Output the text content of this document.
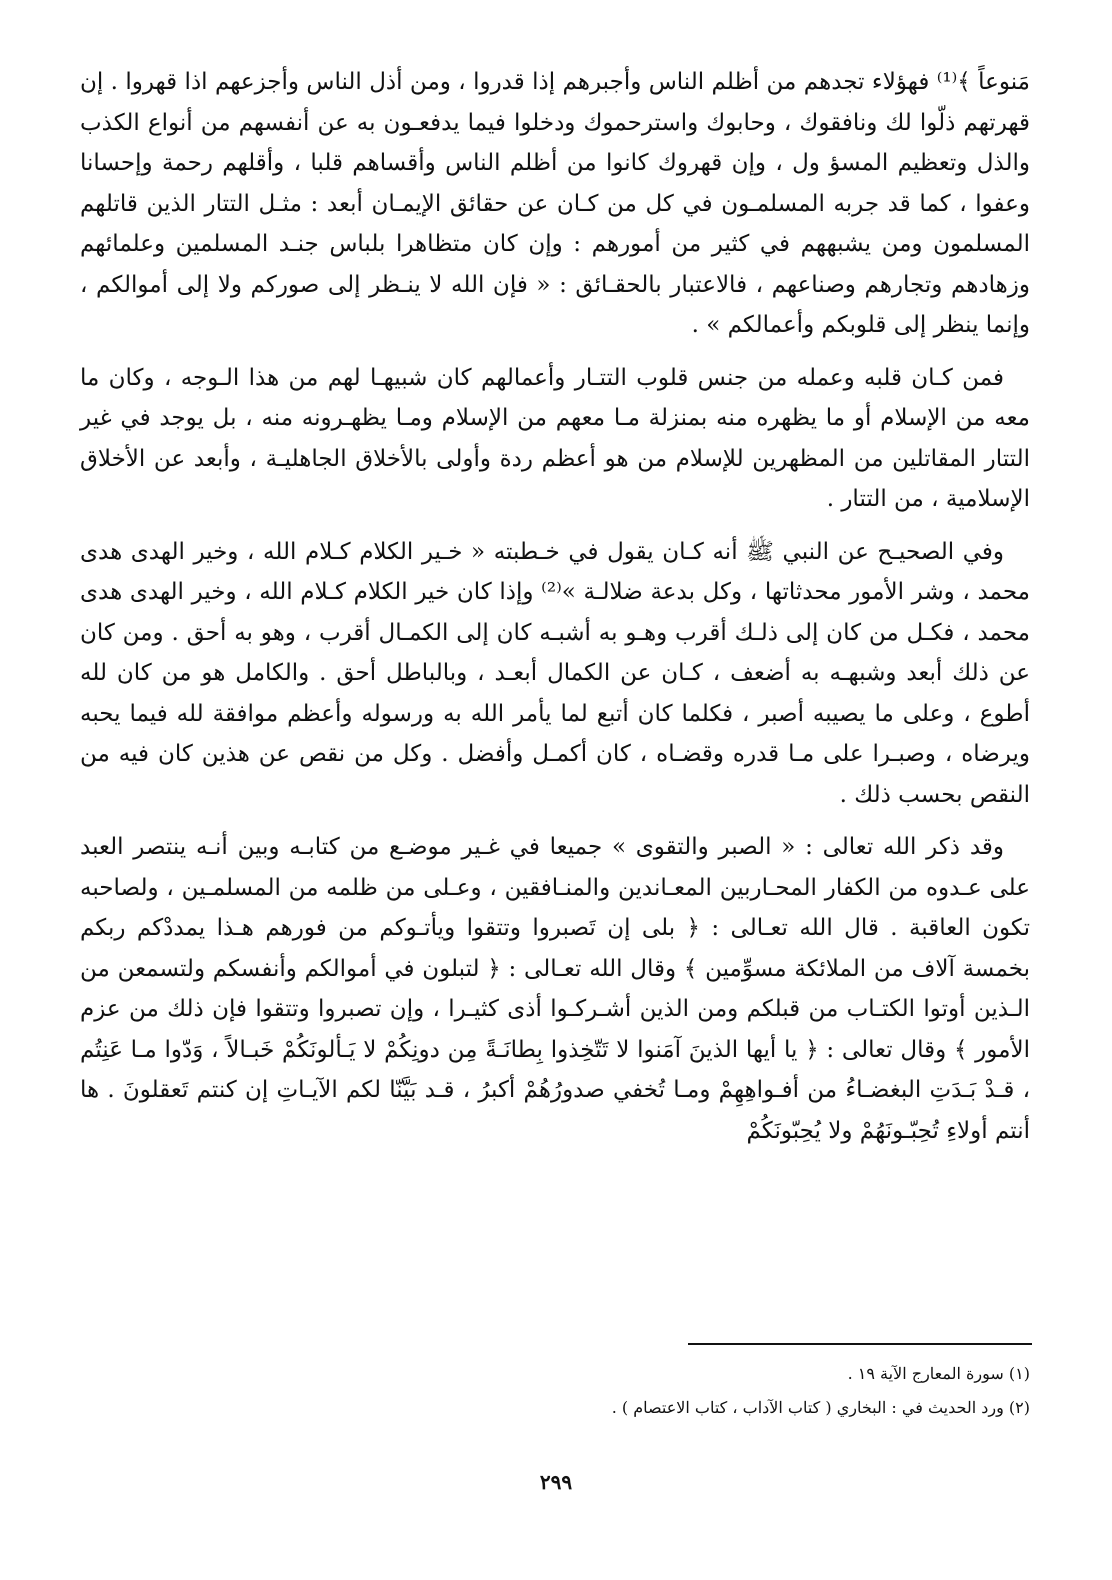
مَنوعاً ﴾⁽¹⁾ فهؤلاء تجدهم من أظلم الناس وأجبرهم إذا قدروا ، ومن أذل الناس وأجزعهم اذا قهروا . إن قهرتهم ذلّوا لك ونافقوك ، وحابوك واسترحموك ودخلوا فيما يدفعـون به عن أنفسهم من أنواع الكذب والذل وتعظيم المسؤ ول ، وإن قهروك كانوا من أظلم الناس وأقساهم قلبا ، وأقلهم رحمة وإحسانا وعفوا ، كما قد جربه المسلمـون في كل من كـان عن حقائق الإيمـان أبعد : مثـل التتار الذين قاتلهم المسلمون ومن يشبههم في كثير من أمورهم : وإن كان متظاهرا بلباس جنـد المسلمين وعلمائهم وزهادهم وتجارهم وصناعهم ، فالاعتبار بالحقـائق : « فإن الله لا ينـظر إلى صوركم ولا إلى أموالكم ، وإنما ينظر إلى قلوبكم وأعمالكم » .

فمن كـان قلبه وعمله من جنس قلوب التتـار وأعمالهم كان شبيهـا لهم من هذا الـوجه ، وكان ما معه من الإسلام أو ما يظهره منه بمنزلة مـا معهم من الإسلام ومـا يظهـرونه منه ، بل يوجد في غير التتار المقاتلين من المظهرين للإسلام من هو أعظم ردة وأولى بالأخلاق الجاهليـة ، وأبعد عن الأخلاق الإسلامية ، من التتار .

وفي الصحيـح عن النبي ﷺ أنه كـان يقول في خـطبته « خـير الكلام كـلام الله ، وخير الهدى هدى محمد ، وشر الأمور محدثاتها ، وكل بدعة ضلالـة »⁽²⁾ وإذا كان خير الكلام كـلام الله ، وخير الهدى هدى محمد ، فكـل من كان إلى ذلـك أقرب وهـو به أشبـه كان إلى الكمـال أقرب ، وهو به أحق . ومن كان عن ذلك أبعد وشبهـه به أضعف ، كـان عن الكمال أبعـد ، وبالباطل أحق . والكامل هو من كان لله أطوع ، وعلى ما يصيبه أصبر ، فكلما كان أتبع لما يأمر الله به ورسوله وأعظم موافقة لله فيما يحبه ويرضاه ، وصبـرا على مـا قدره وقضـاه ، كان أكمـل وأفضل . وكل من نقص عن هذين كان فيه من النقص بحسب ذلك .

وقد ذكر الله تعالى : « الصبر والتقوى » جميعا في غـير موضـع من كتابـه وبين أنـه ينتصر العبد على عـدوه من الكفار المحـاربين المعـاندين والمنـافقين ، وعـلى من ظلمه من المسلمـين ، ولصاحبه تكون العاقبة . قال الله تعـالى : ﴿ بلى إن تَصبروا وتتقوا ويأتـوكم من فورهم هـذا يمددْكم ربكم بخمسة آلاف من الملائكة مسوِّمين ﴾ وقال الله تعـالى : ﴿ لتبلون في أموالكم وأنفسكم ولتسمعن من الـذين أوتوا الكتـاب من قبلكم ومن الذين أشـركـوا أذى كثيـرا ، وإن تصبروا وتتقوا فإن ذلك من عزم الأمور ﴾ وقال تعالى : ﴿ يا أيها الذينَ آمَنوا لا تَتّخِذوا بِطانَـةً مِن دونِكُمْ لا يَـألونَكُمْ خَبـالاً ، وَدّوا مـا عَنِتُم ، قـدْ بَـدَتِ البغضـاءُ من أفـواهِهِمْ ومـا تُخفي صدورُهُمْ أكبرُ ، قـد بَيَّنّا لكم الآيـاتِ إن كنتم تَعقلونَ . ها أنتم أولاءِ تُحِبّـونَهُمْ ولا يُحِبّونَكُمْ

(١) سورة المعارج الآية ١٩ .

(٢) ورد الحديث في : البخاري ( كتاب الآداب ، كتاب الاعتصام ) .

٢٩٩
